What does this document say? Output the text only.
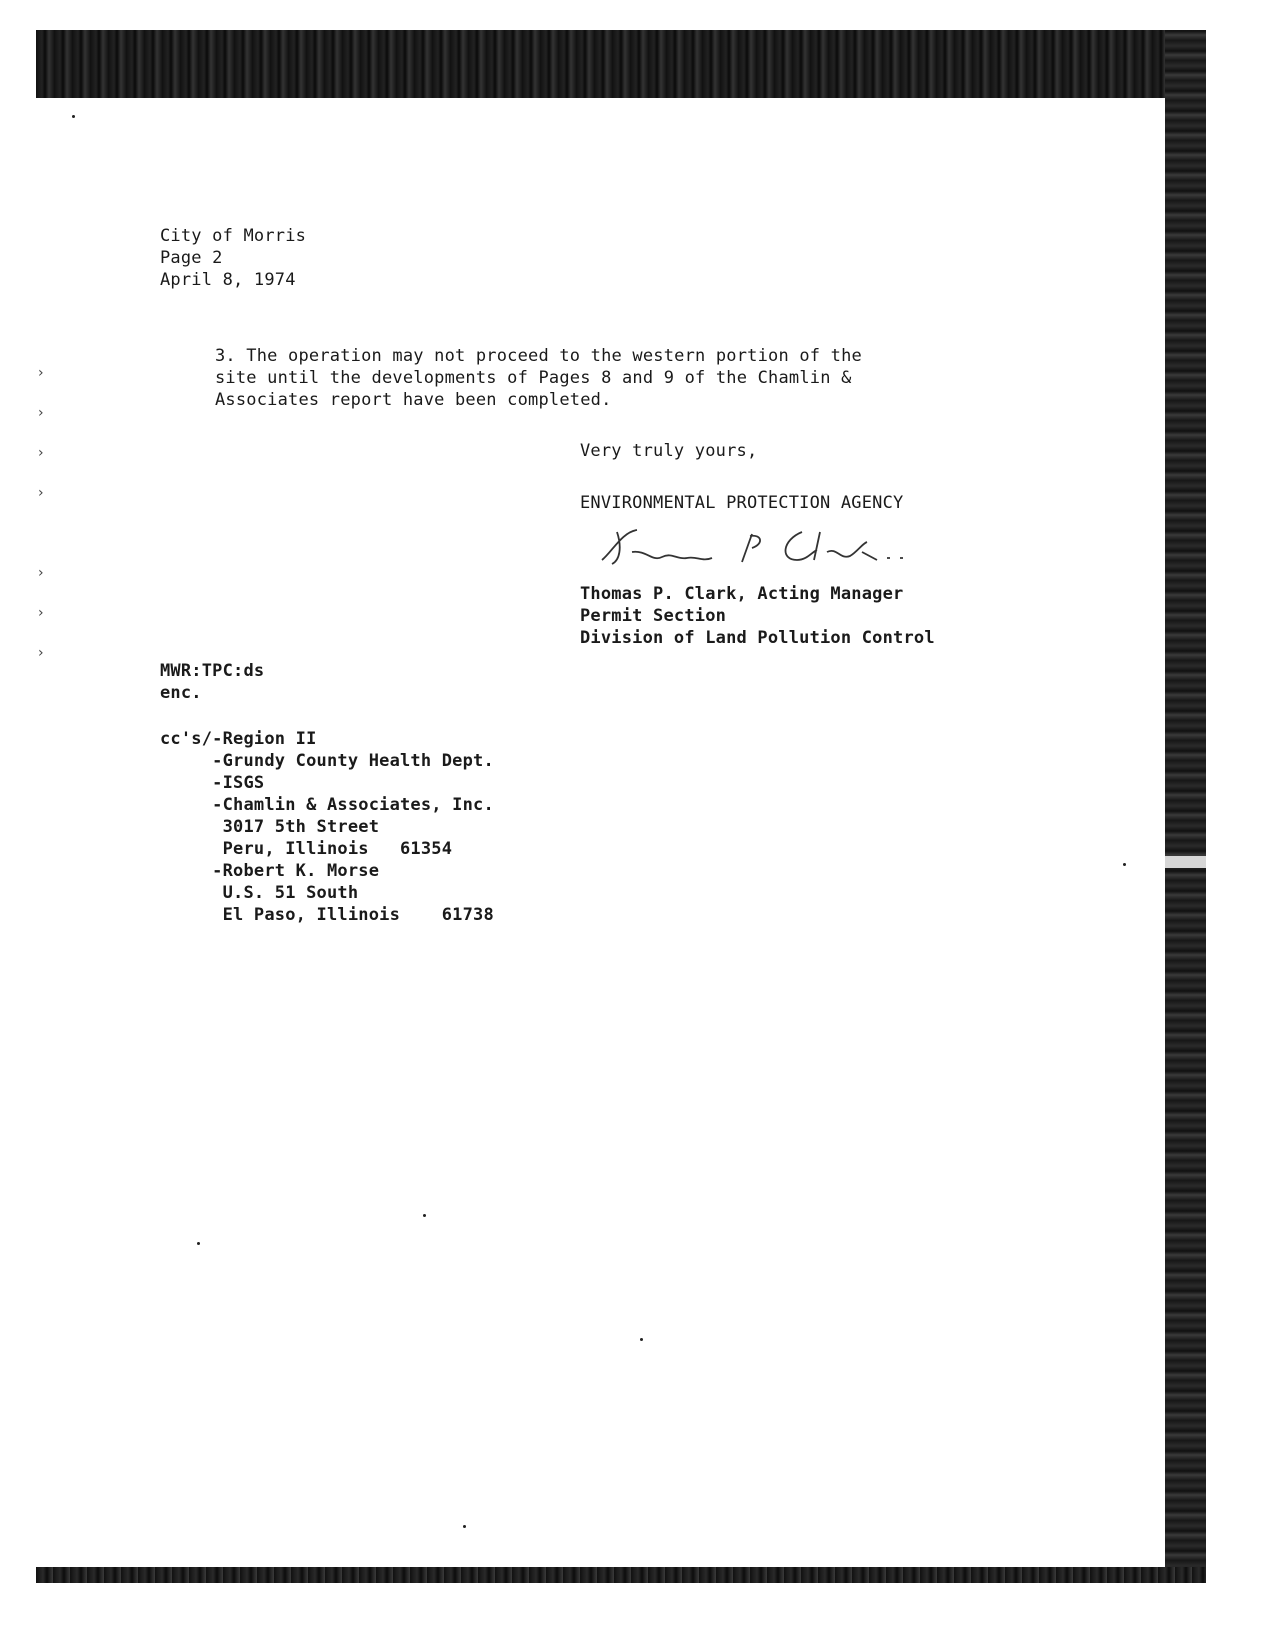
›
›
›
›
›
›
›
City of Morris
Page 2
April 8, 1974
3. The operation may not proceed to the western portion of the
site until the developments of Pages 8 and 9 of the Chamlin &
Associates report have been completed.
Very truly yours,
ENVIRONMENTAL PROTECTION AGENCY
Thomas P. Clark, Acting Manager
Permit Section
Division of Land Pollution Control
MWR:TPC:ds
enc.
cc's/-Region II
-Grundy County Health Dept.
-ISGS
-Chamlin & Associates, Inc.
3017 5th Street
Peru, Illinois   61354
-Robert K. Morse
U.S. 51 South
El Paso, Illinois    61738
